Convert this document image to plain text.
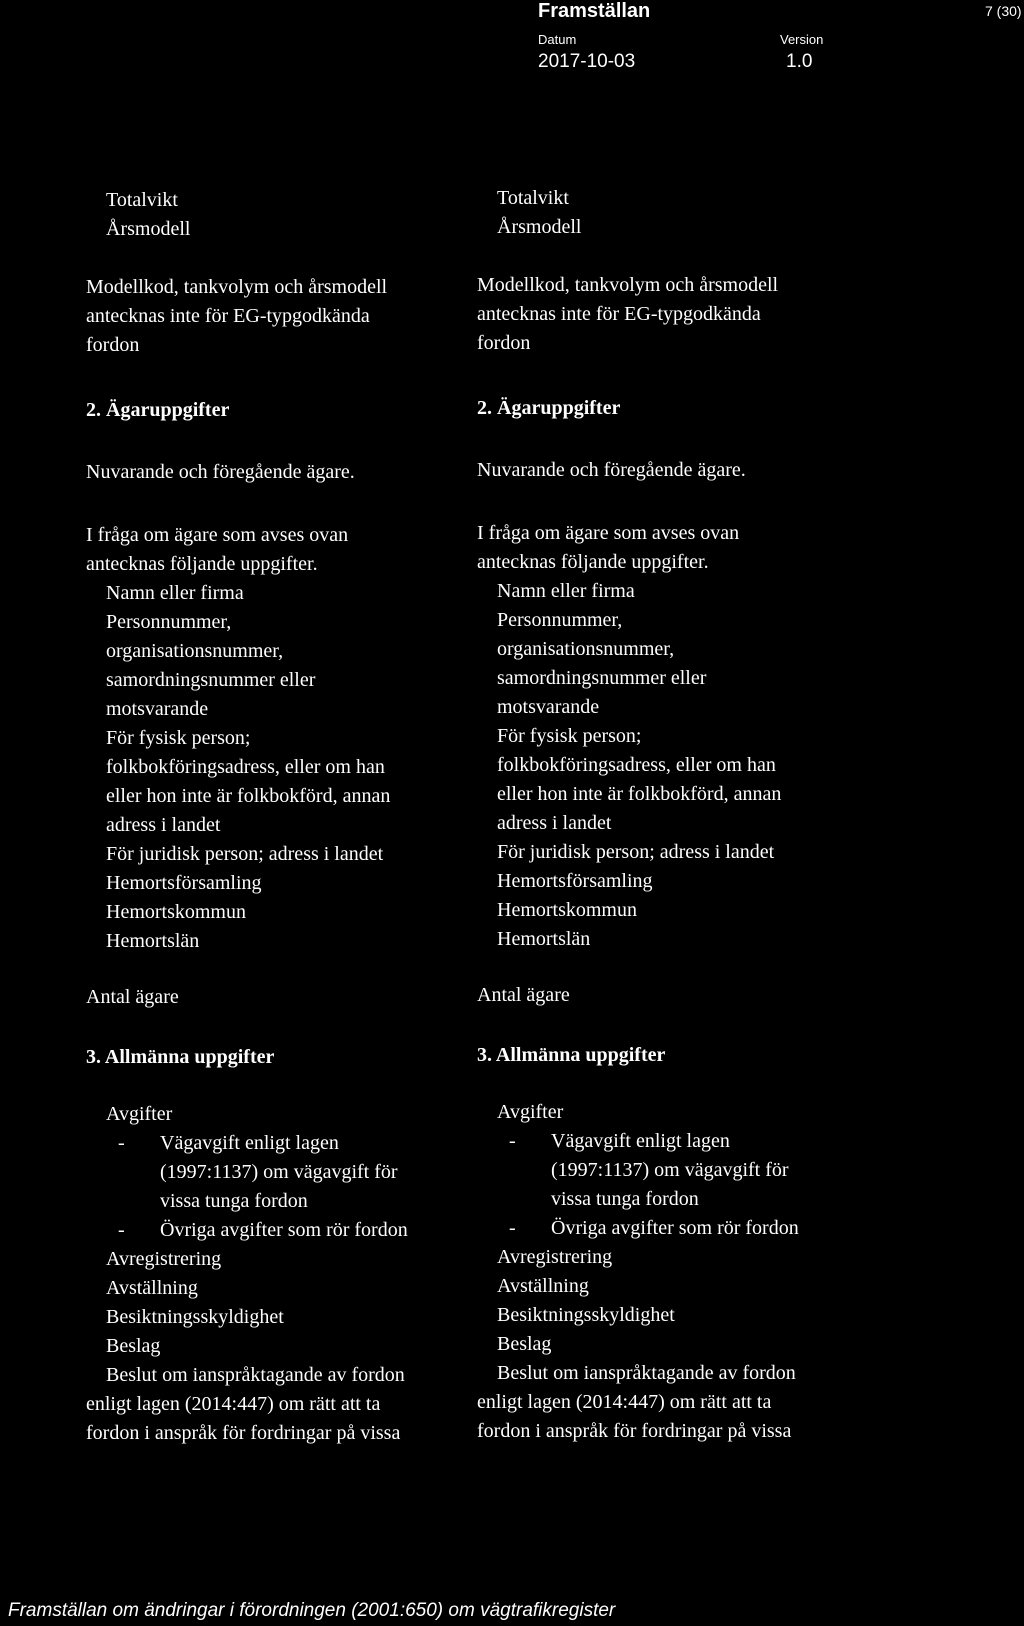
Framställan	7 (30)
Datum	Version
2017-10-03	1.0
Totalvikt
Årsmodell
Modellkod, tankvolym och årsmodell
antecknas inte för EG-typgodkända
fordon
2. Ägaruppgifter
Nuvarande och föregående ägare.
I fråga om ägare som avses ovan
antecknas följande uppgifter.
Namn eller firma
Personnummer,
organisationsnummer,
samordningsnummer eller
motsvarande
För fysisk person;
folkbokföringsadress, eller om han
eller hon inte är folkbokförd, annan
adress i landet
För juridisk person; adress i landet
Hemortsförsamling
Hemortskommun
Hemortslän
Antal ägare
3. Allmänna uppgifter
Avgifter
- Vägavgift enligt lagen
(1997:1137) om vägavgift för
vissa tunga fordon
- Övriga avgifter som rör fordon
Avregistrering
Avställning
Besiktningsskyldighet
Beslag
Beslut om ianspråktagande av fordon
enligt lagen (2014:447) om rätt att ta
fordon i anspråk för fordringar på vissa
Totalvikt
Årsmodell
Modellkod, tankvolym och årsmodell
antecknas inte för EG-typgodkända
fordon
2. Ägaruppgifter
Nuvarande och föregående ägare.
I fråga om ägare som avses ovan
antecknas följande uppgifter.
Namn eller firma
Personnummer,
organisationsnummer,
samordningsnummer eller
motsvarande
För fysisk person;
folkbokföringsadress, eller om han
eller hon inte är folkbokförd, annan
adress i landet
För juridisk person; adress i landet
Hemortsförsamling
Hemortskommun
Hemortslän
Antal ägare
3. Allmänna uppgifter
Avgifter
- Vägavgift enligt lagen
(1997:1137) om vägavgift för
vissa tunga fordon
- Övriga avgifter som rör fordon
Avregistrering
Avställning
Besiktningsskyldighet
Beslag
Beslut om ianspråktagande av fordon
enligt lagen (2014:447) om rätt att ta
fordon i anspråk för fordringar på vissa
Framställan om ändringar i förordningen (2001:650) om vägtrafikregister
